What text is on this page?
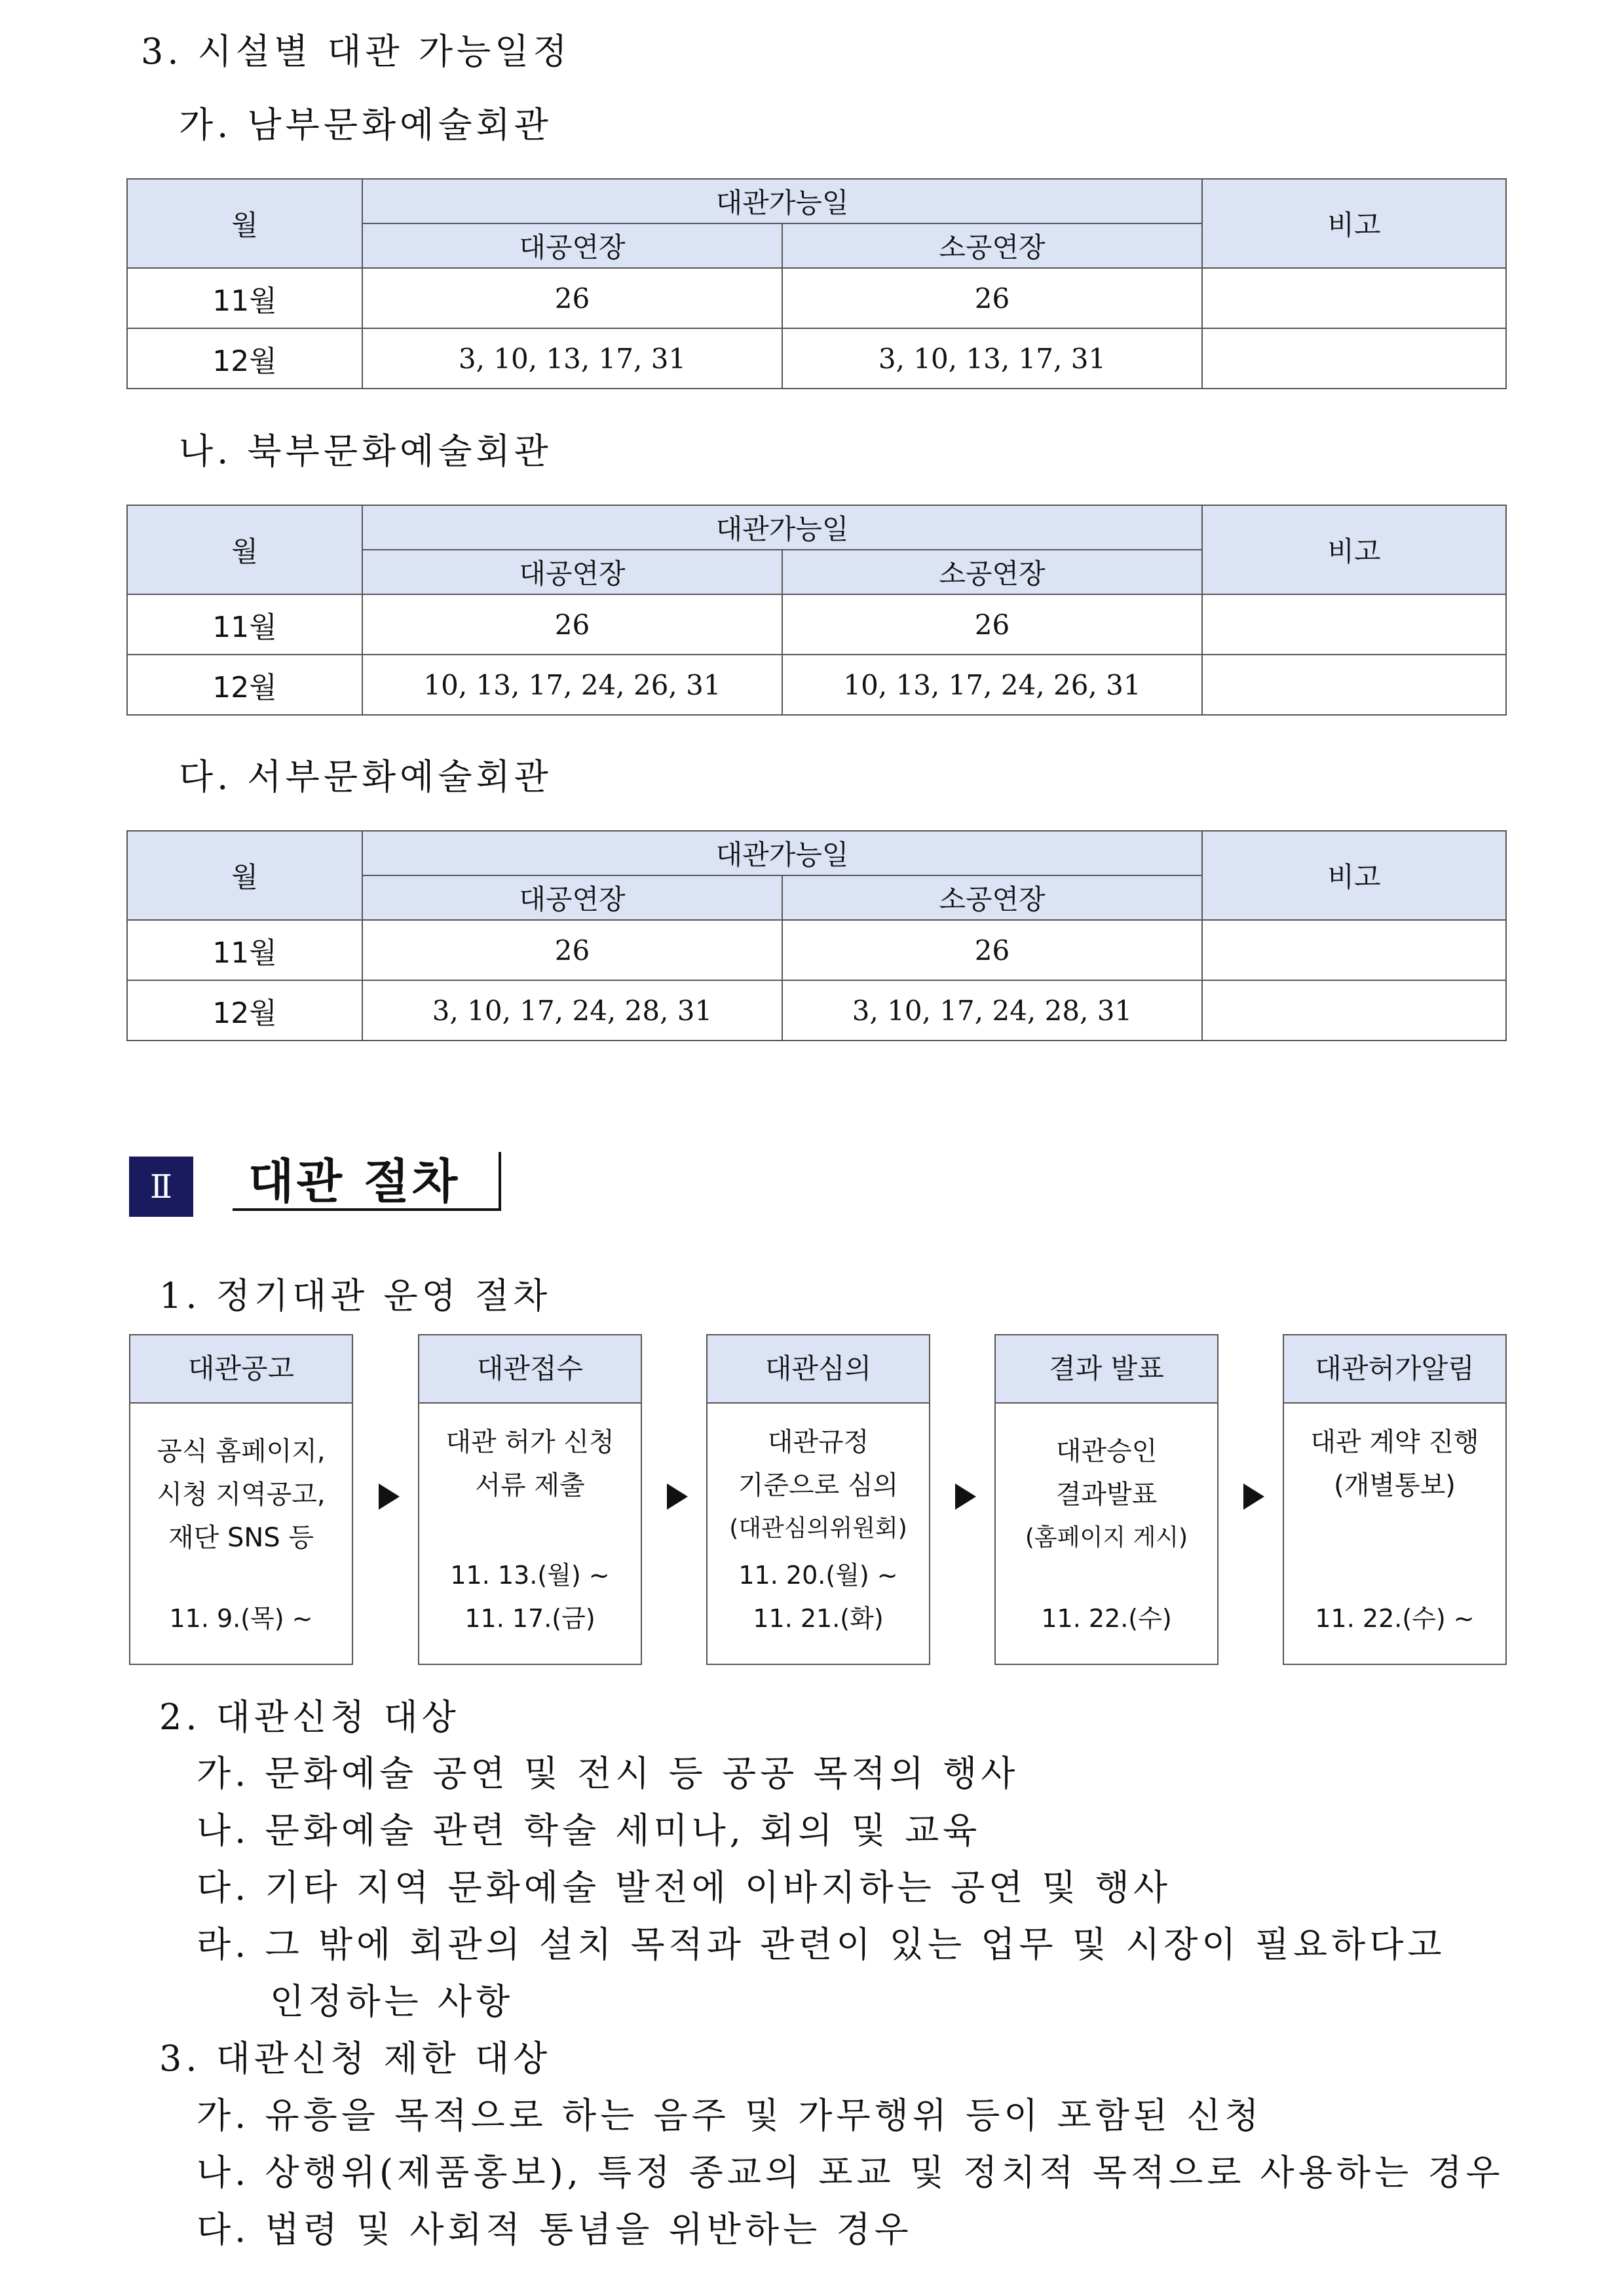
3. 시설별 대관 가능일정
가. 남부문화예술회관
월	대관가능일		비고
	대공연장	소공연장	
11월	26	26	
12월	3, 10, 13, 17, 31	3, 10, 13, 17, 31	
나. 북부문화예술회관
월	대관가능일		비고
	대공연장	소공연장	
11월	26	26	
12월	10, 13, 17, 24, 26, 31	10, 13, 17, 24, 26, 31	
다. 서부문화예술회관
월	대관가능일		비고
	대공연장	소공연장	
11월	26	26	
12월	3, 10, 17, 24, 28, 31	3, 10, 17, 24, 28, 31	
Ⅱ	대관 절차
1. 정기대관 운영 절차
대관공고
공식 홈페이지,
시청 지역공고,
재단 SNS 등
11. 9.(목) ~
대관접수
대관 허가 신청
서류 제출
11. 13.(월) ~
11. 17.(금)
대관심의
대관규정
기준으로 심의
(대관심의위원회)
11. 20.(월) ~
11. 21.(화)
결과 발표
대관승인
결과발표
(홈페이지 게시)
11. 22.(수)
대관허가알림
대관 계약 진행
(개별통보)
11. 22.(수) ~
2. 대관신청 대상
가. 문화예술 공연 및 전시 등 공공 목적의 행사
나. 문화예술 관련 학술 세미나, 회의 및 교육
다. 기타 지역 문화예술 발전에 이바지하는 공연 및 행사
라. 그 밖에 회관의 설치 목적과 관련이 있는 업무 및 시장이 필요하다고
인정하는 사항
3. 대관신청 제한 대상
가. 유흥을 목적으로 하는 음주 및 가무행위 등이 포함된 신청
나. 상행위(제품홍보), 특정 종교의 포교 및 정치적 목적으로 사용하는 경우
다. 법령 및 사회적 통념을 위반하는 경우
